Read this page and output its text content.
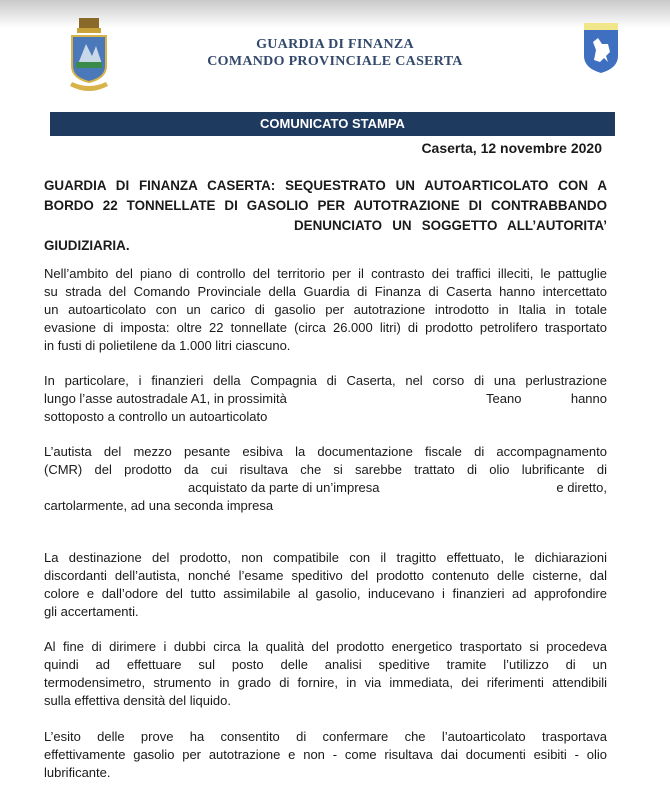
GUARDIA DI FINANZA
COMANDO PROVINCIALE CASERTA
COMUNICATO STAMPA
Caserta, 12 novembre 2020
GUARDIA DI FINANZA CASERTA: SEQUESTRATO UN AUTOARTICOLATO CON A
BORDO 22 TONNELLATE DI GASOLIO PER AUTOTRAZIONE DI CONTRABBANDO
DENUNCIATO UN SOGGETTO ALL’AUTORITA’
GIUDIZIARIA.
Nell’ambito del piano di controllo del territorio per il contrasto dei traffici illeciti, le pattuglie
su strada del Comando Provinciale della Guardia di Finanza di Caserta hanno intercettato
un autoarticolato con un carico di gasolio per autotrazione introdotto in Italia in totale
evasione di imposta: oltre 22 tonnellate (circa 26.000 litri) di prodotto petrolifero trasportato
in fusti di polietilene da 1.000 litri ciascuno.
In particolare, i finanzieri della Compagnia di Caserta, nel corso di una perlustrazione
lungo l’asse autostradale A1, in prossimità	Teano	hanno
sottoposto a controllo un autoarticolato
L’autista del mezzo pesante esibiva la documentazione fiscale di accompagnamento
(CMR) del prodotto da cui risultava che si sarebbe trattato di olio lubrificante di
acquistato da parte di un’impresa	e diretto,
cartolarmente, ad una seconda impresa
La destinazione del prodotto, non compatibile con il tragitto effettuato, le dichiarazioni
discordanti dell’autista, nonché l’esame speditivo del prodotto contenuto delle cisterne, dal
colore e dall’odore del tutto assimilabile al gasolio, inducevano i finanzieri ad approfondire
gli accertamenti.
Al fine di dirimere i dubbi circa la qualità del prodotto energetico trasportato si procedeva
quindi ad effettuare sul posto delle analisi speditive tramite l’utilizzo di un
termodensimetro, strumento in grado di fornire, in via immediata, dei riferimenti attendibili
sulla effettiva densità del liquido.
L’esito delle prove ha consentito di confermare che l’autoarticolato trasportava
effettivamente gasolio per autotrazione e non - come risultava dai documenti esibiti - olio
lubrificante.
